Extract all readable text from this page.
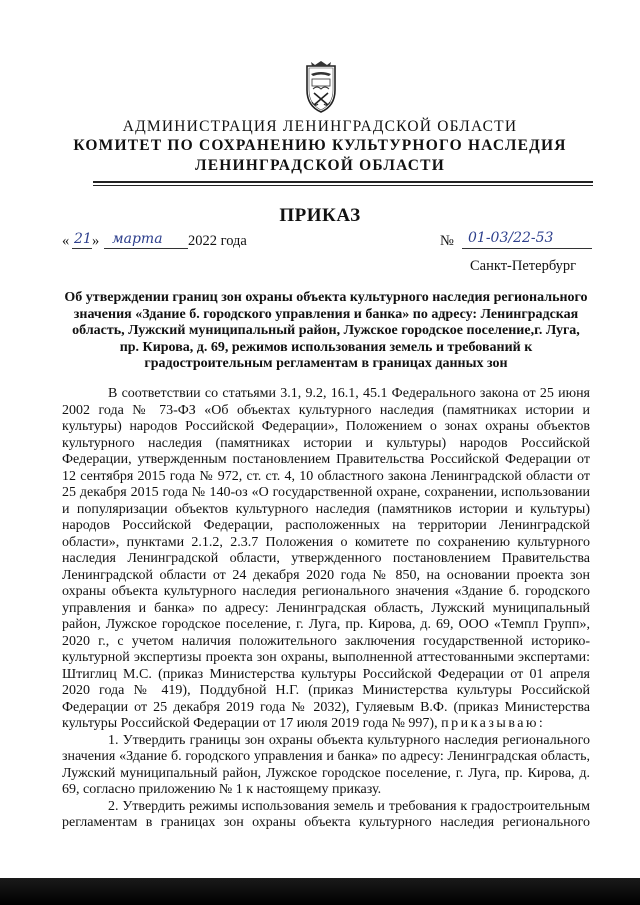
АДМИНИСТРАЦИЯ ЛЕНИНГРАДСКОЙ ОБЛАСТИ
КОМИТЕТ ПО СОХРАНЕНИЮ КУЛЬТУРНОГО НАСЛЕДИЯ
ЛЕНИНГРАДСКОЙ ОБЛАСТИ
ПРИКАЗ
« 21 » марта 2022 года	№ 01-03/22-53
Санкт-Петербург
Об утверждении границ зон охраны объекта культурного наследия регионального значения «Здание б. городского управления и банка» по адресу: Ленинградская область, Лужский муниципальный район, Лужское городское поселение,г. Луга, пр. Кирова, д. 69, режимов использования земель и требований к градостроительным регламентам в границах данных зон

В соответствии со статьями 3.1, 9.2, 16.1, 45.1 Федерального закона от 25 июня 2002 года № 73-ФЗ «Об объектах культурного наследия (памятниках истории и культуры) народов Российской Федерации», Положением о зонах охраны объектов культурного наследия (памятниках истории и культуры) народов Российской Федерации, утвержденным постановлением Правительства Российской Федерации от 12 сентября 2015 года № 972, ст. ст. 4, 10 областного закона Ленинградской области от 25 декабря 2015 года № 140-оз «О государственной охране, сохранении, использовании и популяризации объектов культурного наследия (памятников истории и культуры) народов Российской Федерации, расположенных на территории Ленинградской области», пунктами 2.1.2, 2.3.7 Положения о комитете по сохранению культурного наследия Ленинградской области, утвержденного постановлением Правительства Ленинградской области от 24 декабря 2020 года № 850, на основании проекта зон охраны объекта культурного наследия регионального значения «Здание б. городского управления и банка» по адресу: Ленинградская область, Лужский муниципальный район, Лужское городское поселение, г. Луга, пр. Кирова, д. 69, ООО «Темпл Групп», 2020 г., с учетом наличия положительного заключения государственной историко-культурной экспертизы проекта зон охраны, выполненной аттестованными экспертами: Штиглиц М.С. (приказ Министерства культуры Российской Федерации от 01 апреля 2020 года № 419), Поддубной Н.Г. (приказ Министерства культуры Российской Федерации от 25 декабря 2019 года № 2032), Гуляевым В.Ф. (приказ Министерства культуры Российской Федерации от 17 июля 2019 года № 997), приказываю:

1. Утвердить границы зон охраны объекта культурного наследия регионального значения «Здание б. городского управления и банка» по адресу: Ленинградская область, Лужский муниципальный район, Лужское городское поселение, г. Луга, пр. Кирова, д. 69, согласно приложению № 1 к настоящему приказу.

2. Утвердить режимы использования земель и требования к градостроительным регламентам в границах зон охраны объекта культурного наследия регионального
